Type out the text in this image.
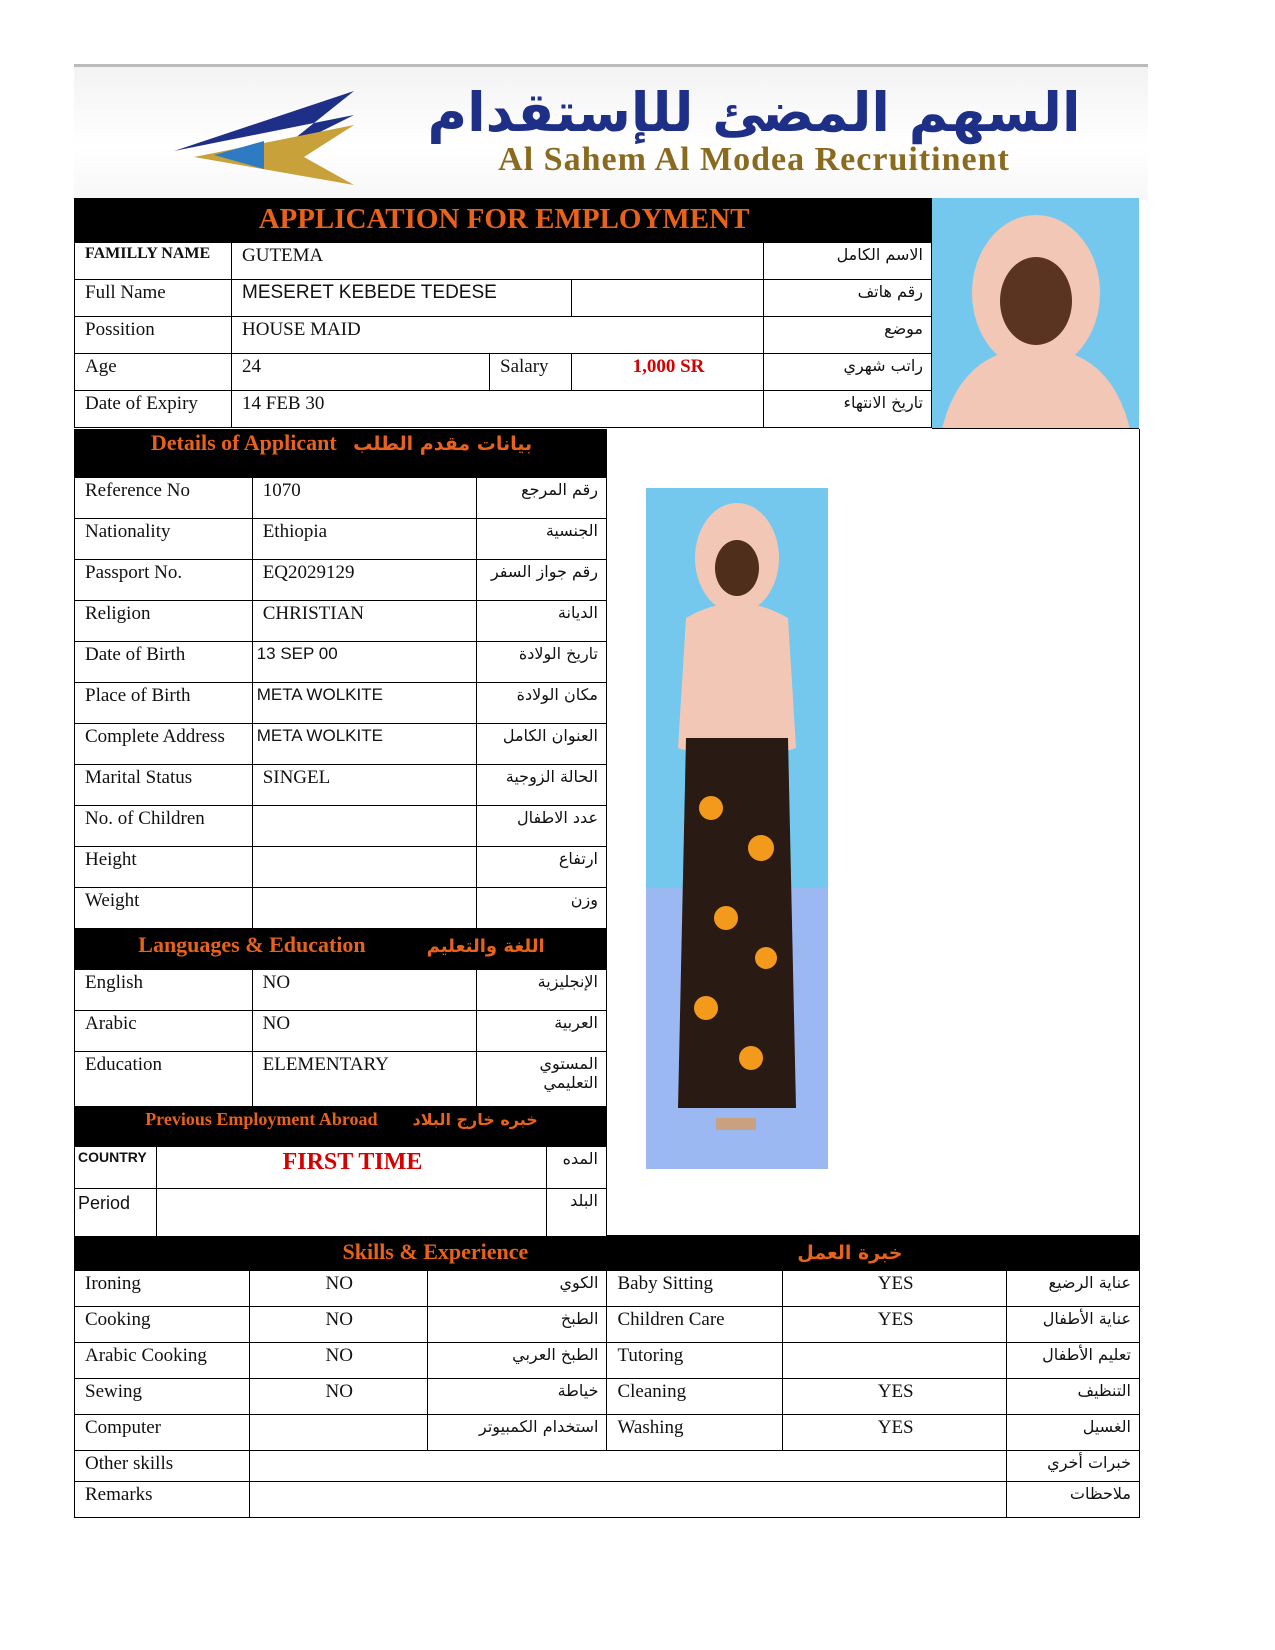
السهم المضئ للإستقدام
Al Sahem Al Modea Recruitinent
APPLICATION FOR EMPLOYMENT				
FAMILLY NAME	GUTEMA			الاسم الكامل
Full Name	MESERET KEBEDE TEDESE			رقم هاتف
Possition	HOUSE MAID			موضع
Age	24	Salary	1,000 SR	راتب شهري
Date of Expiry	14 FEB 30			تاريخ الانتهاء
Details of Applicant بيانات مقدم الطلب		
Reference No	1070	رقم المرجع
Nationality	Ethiopia	الجنسية
Passport No.	EQ2029129	رقم جواز السفر
Religion	CHRISTIAN	الديانة
Date of Birth	13 SEP 00	تاريخ الولادة
Place of Birth	META WOLKITE	مكان الولادة
Complete Address	META WOLKITE	العنوان الكامل
Marital Status	SINGEL	الحالة الزوجية
No. of Children		عدد الاطفال
Height		ارتفاع
Weight		وزن
Languages & Education اللغة والتعليم		
English	NO	الإنجليزية
Arabic	NO	العربية
Education	ELEMENTARY	المستوي التعليمي
Previous Employment Abroad خبره خارج البلاد		
COUNTRY	FIRST TIME	المده
Period		البلد
Skills & Experience خبرة العمل					
Ironing	NO	الكوي	Baby Sitting	YES	عناية الرضيع
Cooking	NO	الطبخ	Children Care	YES	عناية الأطفال
Arabic Cooking	NO	الطبخ العربي	Tutoring		تعليم الأطفال
Sewing	NO	خياطة	Cleaning	YES	التنظيف
Computer		استخدام الكمبيوتر	Washing	YES	الغسيل
Other skills					خبرات أخري
Remarks					ملاحظات
